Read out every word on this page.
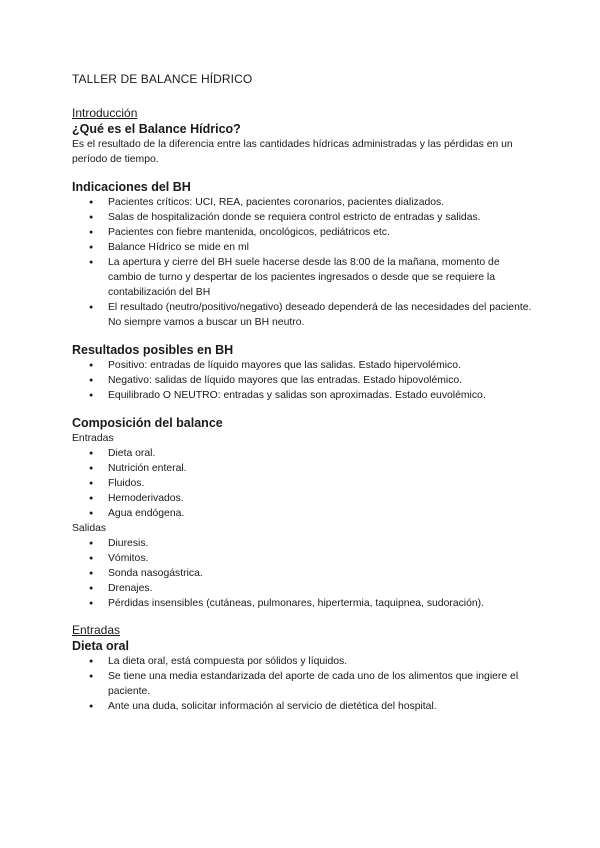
TALLER DE BALANCE HÍDRICO

Introducción

¿Qué es el Balance Hídrico?

Es el resultado de la diferencia entre las cantidades hídricas administradas y las pérdidas en un período de tiempo.

Indicaciones del BH

● Pacientes críticos: UCI, REA, pacientes coronarios, pacientes dializados.
● Salas de hospitalización donde se requiera control estricto de entradas y salidas.
● Pacientes con fiebre mantenida, oncológicos, pediátricos etc.
● Balance Hídrico se mide en ml
● La apertura y cierre del BH suele hacerse desde las 8:00 de la mañana, momento de cambio de turno y despertar de los pacientes ingresados o desde que se requiere la contabilización del BH
● El resultado (neutro/positivo/negativo) deseado dependerá de las necesidades del paciente. No siempre vamos a buscar un BH neutro.

Resultados posibles en BH

● Positivo: entradas de líquido mayores que las salidas. Estado hipervolémico.
● Negativo: salidas de líquido mayores que las entradas. Estado hipovolémico.
● Equilibrado O NEUTRO: entradas y salidas son aproximadas. Estado euvolémico.

Composición del balance

Entradas

● Dieta oral.
● Nutrición enteral.
● Fluidos.
● Hemoderivados.
● Agua endógena.

Salidas

● Diuresis.
● Vómitos.
● Sonda nasogástrica.
● Drenajes.
● Pérdidas insensibles (cutáneas, pulmonares, hipertermia, taquipnea, sudoración).

Entradas

Dieta oral

● La dieta oral, está compuesta por sólidos y líquidos.
● Se tiene una media estandarizada del aporte de cada uno de los alimentos que ingiere el paciente.
● Ante una duda, solicitar información al servicio de dietética del hospital.
